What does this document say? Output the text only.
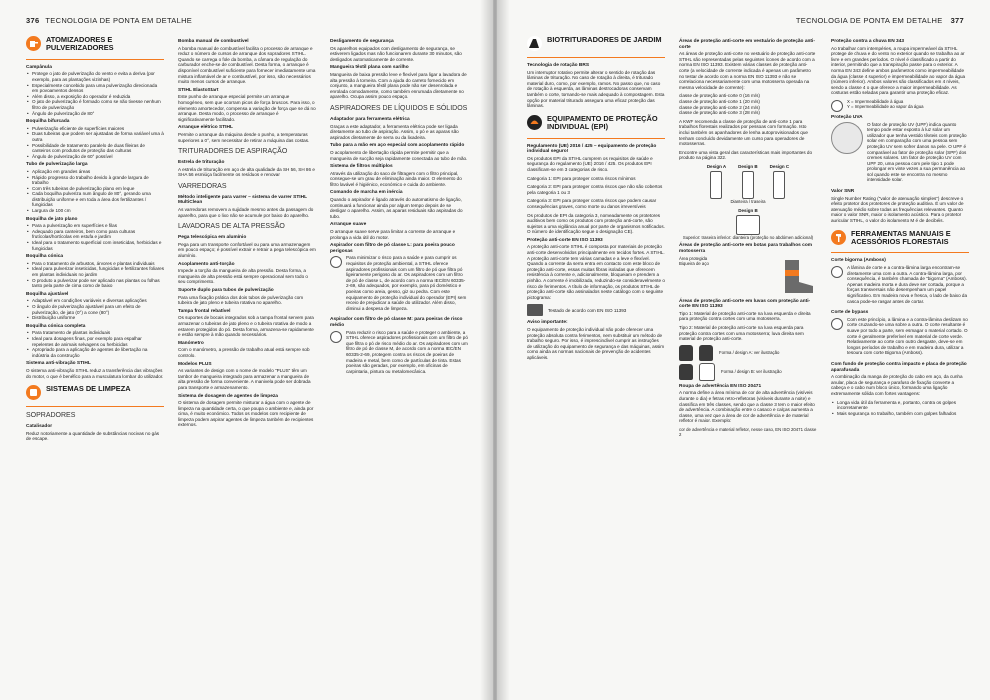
376 TECNOLOGIA DE PONTA EM DETALHE
ATOMIZADORES E PULVERIZADORES
Campânula
• Protege o jato de pulverização do vento e evita a deriva (por exemplo, para as plantações vizinhas)
• Especialmente concebido para uma pulverização direcionada em povoamentos densos
• Além disso, a exposição do operador é reduzida
• O jato de pulverização é formado como se não tivesse nenhum filtro de pulverização
• Ângulo de pulverização de 80°
Boquilha bifurcada
• Pulverização eficiente de superfícies maiores
• Duas tubeiras que podem ser ajustadas de forma variável uma à outra
• Possibilidade de tratamento paralelo de duas fileiras de canteiros com produtos de proteção das culturas
• Ângulo de pulverização de 60° possível
Tubo de pulverização larga
• Aplicação em grandes áreas
• Rápido progresso do trabalho devido à grande largura de trabalho
• Com três tubeiras de pulverização plano em leque
• Cada boquilha pulveriza num ângulo de 80°, gerando uma distribuição uniforme e em toda a área dos fertilizantes / fungicidas
• Largura de 100 cm
Boquilha de jato plano
• Para a pulverização em superfícies e filas
• Adequado para canteiros, bem como para culturas frutícolas/hortícolas em estufa e jardim
• Ideal para o tratamento superficial com inseticidas, herbicidas e fungicidas
Boquilha cónica
• Para o tratamento de arbustos, árvores e plantas individuais
• Ideal para pulverizar inseticidas, fungicidas e fertilizantes foliares em plantas individuais no jardim
• O produto a pulverizar pode ser aplicado nas plantas ou folhas tanto pela parte de cima como de baixo
Boquilha ajustável
• Adaptável em condições variáveis e diversas aplicações
• O ângulo de pulverização ajustável para um efeito de pulverização, de jato (0°) a cone (80°)
• Distribuição uniforme
Boquilha cónica completa
• Para tratamento de plantas individuais
• Ideal para dosagens finas, por exemplo para espalhar repelentes de animais selvagens ou herbicidas
• Apropriado para a aplicação de agentes de libertação na indústria da construção
Sistema anti-vibração STIHL

O sistema anti-vibração STIHL reduz a transferência das vibrações do motor, o que é benéfico para a musculatura lombar do utilizador.

SISTEMAS DE LIMPEZA
SOPRADORES
Catalisador

Reduz notoriamente a quantidade de substâncias nocivas no gás de escape.

Bomba manual de combustível

A bomba manual de combustível facilita o processo de arranque e reduz o número de cursos de arranque dos sopradores STIHL. Quando se carrega o fole da bomba, a câmara de regulação do carburador enche-se de combustível. Desta forma, o arranque é disponível combustível suficiente para fornecer imediatamente uma mistura inflamável de ar e combustível, por isso, são necessários muito menos cursos de arranque.

STIHL ElastoStart

Este punho de arranque especial permite um arranque homogéneo, sem que ocorram picos de força bruscos. Para isso, o elemento amortecedor, compensa a variação de força que se dá no arranque. Desta modo, o processo de arranque é significativamente facilitado.

Arranque elétrico STIHL

Permite o arranque da máquina desde o punho, a temperaturas superiores a 0°, sem necessitar de retirar a máquina das costas.

TRITURADORES DE ASPIRAÇÃO
Estrela de trituração

A estrela de trituração em aço de alta qualidade da SH 56, SH 86 e SHA 56 esmiúça facilmente os resíduos e renovar

VARREDORAS
Método inteligente para varrer – sistema de varrer STIHL MultiClean

As varredoras removem a sujidade mesmo antes da passagem do aparelho, para que o lixo não se acumule por baixo do aparelho.

LAVADORAS DE ALTA PRESSÃO
Pega telescópica em alumínio

Pega para um transporte confortável ou para uma armazenagem em pouco espaço; é possível extrair e retrair a pega telescópica em alumínio.

Acoplamento anti-torção

Impede a torção da mangueira de alta pressão. Desta forma, a mangueira de alta pressão está sempre operacional sem todo o seu comprimento.

Suporte duplo para tubos de pulverização

Para uma fixação prática dos dois tubos de pulverização com tubeira de jato pleno e tubeira rotativa no aparelho.

Tampa frontal rebatível

Os suportes de bocais integrados sob a tampa frontal servem para armazenar o tubeiras de jato pleno e o tubeira rotativa de modo a estarem protegidos do pó. Desta forma, armazena-se rapidamente e estão sempre à mão quando necessários.

Manómetro

Com o manómetro, a pressão de trabalho atual está sempre sob controlo.

Modelos PLUS

As variantes de design com o nome de modelo "PLUS" têm um tambor de mangueira integrado para armazenar a mangueira de alta pressão de forma conveniente. A manivela pode ser dobrada para transporte e armazenamento.

Sistema de dosagem de agentes de limpeza

O sistema de dosagem permite misturar a água com o agente de limpeza na quantidade certa, o que poupa o ambiente e, ainda por cima, é muito económico. Todos os modelos com recipiente de limpeza podem aspirar agentes de limpeza também de recipientes externos.

Desligamento de segurança

Os aparelhos equipados com desligamento de segurança, se estiverem ligados mas não funcionarem durante 30 minutos, são desligados automaticamente de corrente.

Mangueira têxtil plana com sarilho

Mangueira de baixa pressão leve e flexível para ligar a lavadora de alta pressão à torneira. Com a ajuda do carreto fornecido em conjunto, a mangueira têxtil plana pode não ser desenrolada e enrolada comodamente, como também enrumada diretamente no aparelho. Ocupa assim pouco espaço.

ASPIRADORES DE LÍQUIDOS E SÓLIDOS
Adaptador para ferramenta elétrica

Graças a este adaptador, a ferramenta elétrica pode ser ligada diretamente ao tubo de aspiração. Assim, o pó e as aparas são aspirados diretamente de serra ou da lixadeira.

Tubo para a mão em aço especial com acoplamento rápido

O acoplamento de libertação rápida permite permitir que a mangueira de sucção seja rapidamente conectada ao tubo de mão.

Sistema de filtros múltiplos

Através da utilização do saco de filtragem com o filtro principal, consegue-se um grau de eliminação ainda maior. O elemento do filtro lavável é higiénico, económico e cuida do ambiente.

Comando de marcha em inércia

Quando o aspirador é ligado através do automatismo de ligação, continuará a funcionar ainda por algum tempo depois de se desligar o aparelho. Assim, as aparas residuais são aspiradas do tubo.

Arranque suave

O arranque suave serve para limitar a corrente de arranque e prolonga a vida útil do motor.

Aspirador com filtro de pó classe L: para poeira pouco perigosas

Para minimizar o risco para a saúde e para cumprir os requisitos de proteção ambiental, a STIHL oferece aspiradores profissionais com um filtro de pó que filtra pó ligeiramente perigoso do ar. Os aspiradores com um filtro de pó de classe L, de acordo com a norma IEC/EN 60335-2-69, são adequados, por exemplo, para pó doméstico e poeiras como areia, gesso, giz ou pedra. Com este equipamento de proteção individual do operador (EPI) sem receio de prejudicar a saúde do utilizador. Além disso, diminui a despesa de limpeza.

Aspirador com filtro de pó classe M: para poeiras de risco médio

Para reduzir o risco para a saúde e proteger o ambiente, a STIHL oferece aspiradores profissionais com um filtro de pó que filtra o pó de risco médio do ar. Os aspiradores com um filtro de pó de classe M, de acordo com a norma IEC/EN 60335-2-69, protegem contra os riscos de poeiras de madeira e metal, bem como de partículas de tinta. Estas poeiras são geradas, por exemplo, em oficinas de carpintaria, pintura ou metalomecânica.

TECNOLOGIA DE PONTA EM DETALHE 377
BIOTRITURADORES DE JARDIM
Tecnologia de rotação BRS

Um interruptor rotativo permite alterar o sentido de rotação das lâminas de trituração. No caso de rotação à direita, é triturado material duro, como, por exemplo, ramos. No passo que, no caso de rotação à esquerda, as lâminas destrocadoras conservam também o corte, tornando-se mais adequado à compostagem. Esta opção por material triturado assegura uma eficaz proteção das lâminas.

EQUIPAMENTO DE PROTEÇÃO INDIVIDUAL (EPI)
Regulamento (UE) 2016 / 425 – equipamento de proteção individual seguro!

Os produtos EPI da STIHL cumprem os requisitos de saúde e segurança do regulamento (UE) 2016 / 425. Os produtos EPI classificam-se em 3 categorias de risco.

Categoria 1: EPI para proteger contra riscos mínimos

Categoria 2: EPI para proteger contra riscos que não são cobertos pela categoria 1 ou 3

Categoria 3: EPI para proteger contra riscos que podem causar consequências graves, como morte ou danos irreversíveis

Os produtos de EPI da categoria 3, nomeadamente os protetores auditivos bem como os produtos com proteção anti-corte, são sujeitos a uma vigilância anual por parte de organismos notificados. O número de identificação segue o designação CE).

Proteção anti-corte EN ISO 11393

A proteção anti-corte STIHL é composta por materiais de proteção anti-corte desenvolvidos principalmente em tecidos fortes. A STIHL. A proteção anti-corte tem várias camadas e a leve e flexível. Quando a corrente da serra entra em contacto com este bloco de proteção anti-corte, essas muitas fibras isoladas que oferecem resistência à corrente e, adicionalmente, bloqueiam e prendem a pinhão. A corrente é imobilizada, reduzindo-se consideravelmente o risco de ferimentos. A título de informação, os produtos STIHL de proteção anti-corte são assinalados neste catálogo com o seguinte pictograma:

Testado de acordo com EN ISO 11393
Aviso importante:

O equipamento de proteção individual não pode oferecer uma proteção absoluta contra ferimentos, nem substituir um método de trabalho seguro. Por isso, é imprescindível cumprir as instruções de utilização do equipamento de segurança e das máquinas, assim como ainda as normas nacionais de prevenção de acidentes aplicáveis.

Áreas de proteção anti-corte em vestuário de proteção anti-corte

As áreas de proteção anti-corte no vestuário de proteção anti-corte STIHL são representadas pelas seguintes ícones de acordo com a norma EN ISO 11393. Existem várias classes de proteção anti-corte (a velocidade de corrente indicada é apenas um parâmetro no testar de acordo com a norma EN ISO 11393 e não se correlaciona necessariamente com uma motosserra operada na mesma velocidade de corrente):

classe de proteção anti-corte 0 (16 m/s)
classe de proteção anti-corte 1 (20 m/s)
classe de proteção anti-corte 2 (24 m/s)
classe de proteção anti-corte 3 (28 m/s)

A KWF recomenda a classe de proteção de anti-corte 1 para trabalhos florestais realizados por pessoas com formação. Isto inclui também os apanhadores de lenha autoprovisionados que tenham concluído devidamente um curso para operadores de motosserras.

Encontre uma vista geral das características mais importantes do produto na página 322.

Design A	Design B	Design C

Dianteira / traseira

Design B

Superior: traseira inferior: dianteira (proteção no abdómen adicional)

Áreas de proteção anti-corte em botas para trabalhos com motosserra
Área protegida
Biqueira de aço
Áreas de proteção anti-corte em luvas com proteção anti-corte EN ISO 11393

Tipo 1: Material de proteção anti-corte na luva esquerda e direita para proteção contra cortes com uma motosserra.

Tipo 2: Material de proteção anti-corte na luva esquerda para proteção contra cortes com uma motosserra; luva direita sem material de proteção anti-corte.

Forma / design A: ver ilustração
Forma / design B: ver ilustração
Roupa de advertência EN ISO 20471

A norma define a área mínima de cor de alta advertência (visíveis durante o dia) e fetras retro-refletoras (visíveis durante a noite) e classifica em três classes, sendo que a classe 3 tem o maior efeito de advertência. A combinação entre o casaco e calças aumenta a classe, uma vez que a área de cor de advertência e de material refletor é maior. Exemplo:

cor de advertência e material refletor, nesse caso, EN ISO 20471 classe 2

Proteção contra a chuva EN 343

Ao trabalhar com intempéries, a roupa impermeável da STIHL protege de chuva e do vento no exterior quando se trabalha ao ar livre e em grandes períodos. O nível é classificado a partir do interior, permitindo que a transpiração passe para o exterior. A norma EN 343 define ambos parâmetros como impermeabilidade da água (classe 4 superior) e impermeabilidade ao vapor da água (número inferior). Ambos valores são classificados em 4 níveis, sendo a classe 4 o que oferece a maior impermeabilidade. As costuras estão seladas para garantir uma proteção eficaz.

X = Impermeabilidade à água
Y = Impermeabilidade ao vapor da água
Proteção UVA

O fator de proteção UV (UPF) indica quanto tempo pode estar exposto à luz solar um utilizador que tenha vestido têxteis com proteção solar em comparação com uma pessoa sem proteção UV sem sofrer danos na pele. O UPF é comparável ao fator de proteção solar (SPF) dos cremes solares. Um fator de proteção UV com UPF 20, uma pessoa com pele tipo 1 pode prolongar em vinte vezes a sua permanência ao sol quando este se encontra no mesmo intensidade solar.

Valor SNR

Single Number Rating ("valor de atenuação simples") descreve o efeito protetor dos protetores de proteção auditiva. É um valor de atenuação médio sobre todas as frequências relevantes. Quanto maior o valor SNR, maior o isolamento acústico. Para o protetor auricular STIHL, o valor do isolamento M é de decibéis.

FERRAMENTAS MANUAIS E ACESSÓRIOS FLORESTAIS
Corte bigorna (Amboss)

A lâmina de corte e a contra-lâmina larga encontram-se diretamente uma com a outra. A contra-lâmina larga, por consequência, é também chamada de "bigorna" (Amboss). Apenas madeira morta e dura deve ser cortada, porque a forças transversais não desempenham um papel significativo. Em madeira nova e fresca, o lado de baixo da casca pode-se rasgar antes de cortar.

Corte de bypass

Com este princípio, a lâmina e a contra-lâmina deslizam no corte cruzando-se uma sobre a outra. O corte resultante é suave por todo a parte, sem esmagar o material cortado. O corte é geralmente preferível em material de corte verde. Relativamente ao corte com outro desgaste, deve-se em longos períodos de trabalho e em madeira dura, utilizar a tesoura com corte Bigorna (Amboss).

Com fundo de proteção contra impacto e placa de proteção aparafusada

A combinação da manga de proteção do cabo em aço, da cunha anular, placa de segurança e parafuso de fixação converte a cabeça e o cabo num bloco único, formando uma ligação extremamente sólida com fortes vantagens:

• Longa vida útil da ferramenta e, portanto, contra os golpes incorretamente
• Mais segurança no trabalho, também com golpes falhados
